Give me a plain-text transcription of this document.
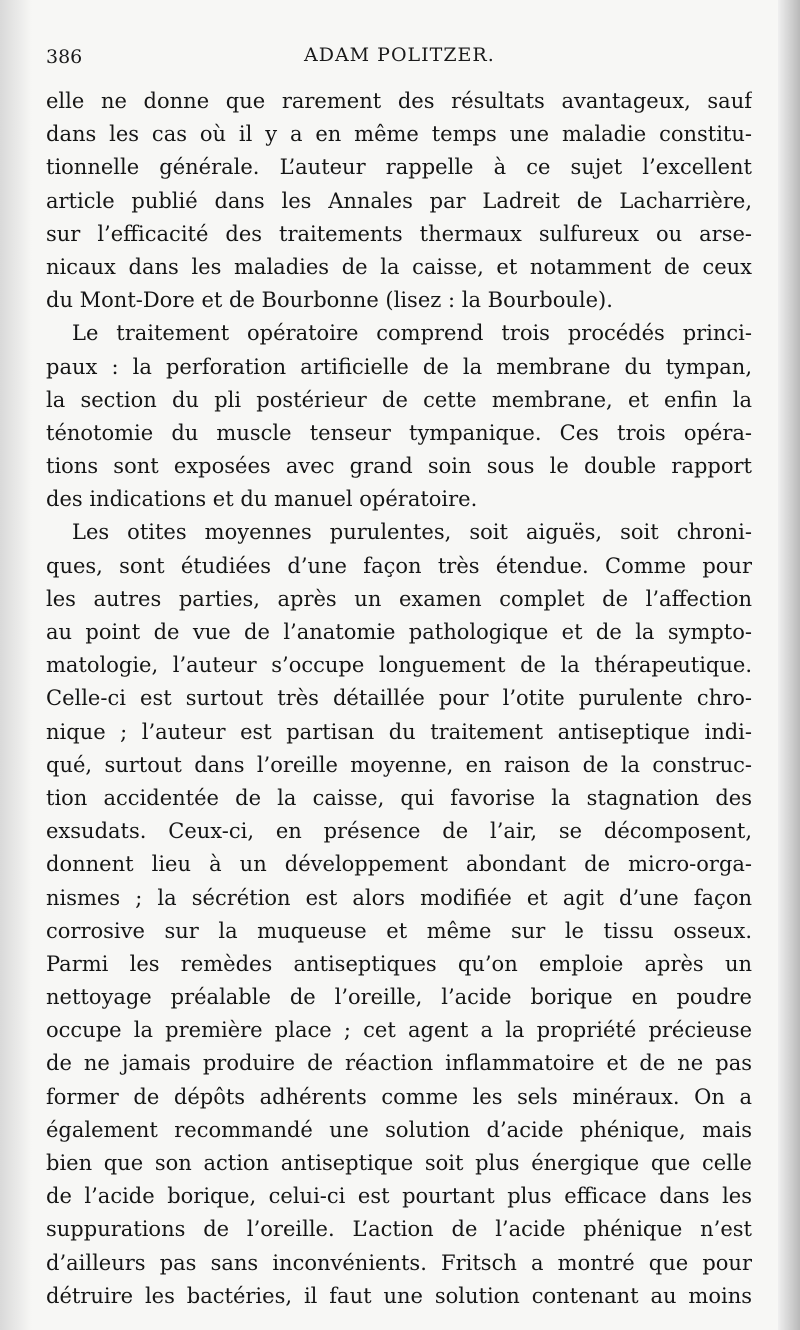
386	ADAM POLITZER.
elle ne donne que rarement des résultats avantageux, sauf
dans les cas où il y a en même temps une maladie constitu-
tionnelle générale. L’auteur rappelle à ce sujet l’excellent
article publié dans les Annales par Ladreit de Lacharrière,
sur l’efficacité des traitements thermaux sulfureux ou arse-
nicaux dans les maladies de la caisse, et notamment de ceux
du Mont-Dore et de Bourbonne (lisez : la Bourboule).
Le traitement opératoire comprend trois procédés princi-
paux : la perforation artificielle de la membrane du tympan,
la section du pli postérieur de cette membrane, et enfin la
ténotomie du muscle tenseur tympanique. Ces trois opéra-
tions sont exposées avec grand soin sous le double rapport
des indications et du manuel opératoire.
Les otites moyennes purulentes, soit aiguës, soit chroni-
ques, sont étudiées d’une façon très étendue. Comme pour
les autres parties, après un examen complet de l’affection
au point de vue de l’anatomie pathologique et de la sympto-
matologie, l’auteur s’occupe longuement de la thérapeutique.
Celle-ci est surtout très détaillée pour l’otite purulente chro-
nique ; l’auteur est partisan du traitement antiseptique indi-
qué, surtout dans l’oreille moyenne, en raison de la construc-
tion accidentée de la caisse, qui favorise la stagnation des
exsudats. Ceux-ci, en présence de l’air, se décomposent,
donnent lieu à un développement abondant de micro-orga-
nismes ; la sécrétion est alors modifiée et agit d’une façon
corrosive sur la muqueuse et même sur le tissu osseux.
Parmi les remèdes antiseptiques qu’on emploie après un
nettoyage préalable de l’oreille, l’acide borique en poudre
occupe la première place ; cet agent a la propriété précieuse
de ne jamais produire de réaction inflammatoire et de ne pas
former de dépôts adhérents comme les sels minéraux. On a
également recommandé une solution d’acide phénique, mais
bien que son action antiseptique soit plus énergique que celle
de l’acide borique, celui-ci est pourtant plus efficace dans les
suppurations de l’oreille. L’action de l’acide phénique n’est
d’ailleurs pas sans inconvénients. Fritsch a montré que pour
détruire les bactéries, il faut une solution contenant au moins
